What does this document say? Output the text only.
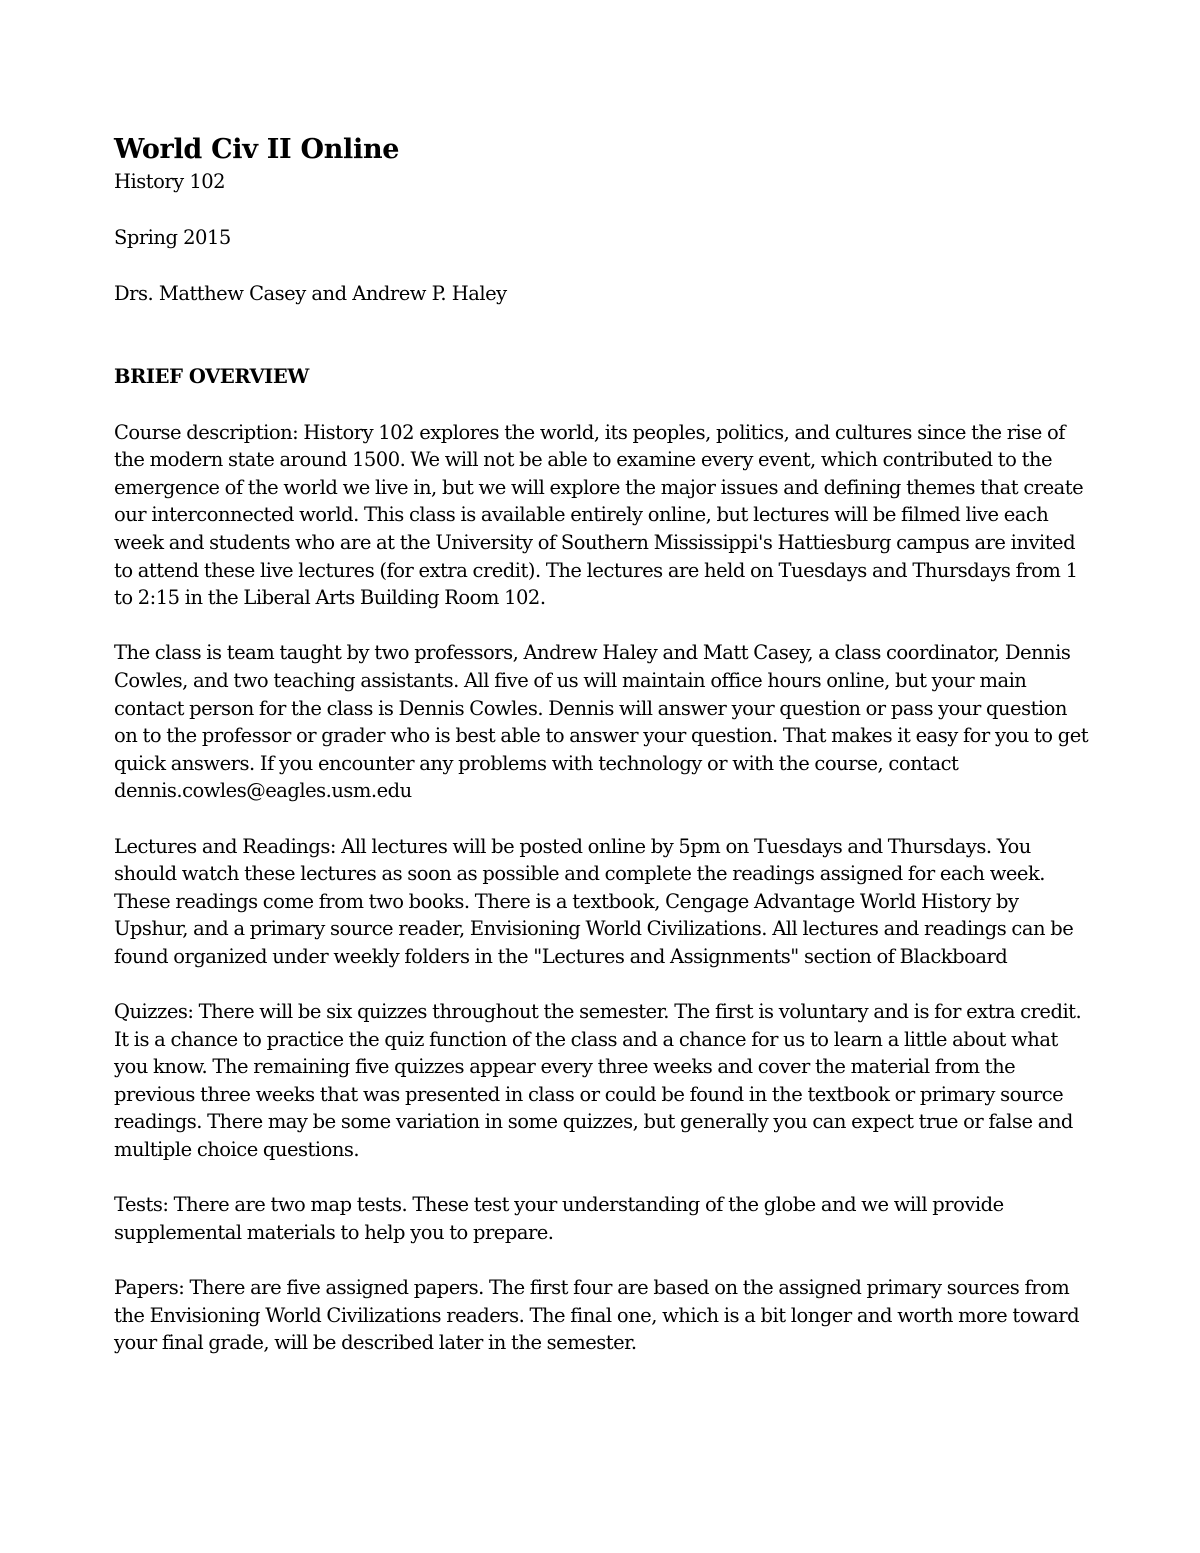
World Civ II Online

History 102

Spring 2015

Drs. Matthew Casey and Andrew P. Haley

BRIEF OVERVIEW

Course description: History 102 explores the world, its peoples, politics, and cultures since the rise of the modern state around 1500. We will not be able to examine every event, which contributed to the emergence of the world we live in, but we will explore the major issues and defining themes that create our interconnected world. This class is available entirely online, but lectures will be filmed live each week and students who are at the University of Southern Mississippi's Hattiesburg campus are invited to attend these live lectures (for extra credit). The lectures are held on Tuesdays and Thursdays from 1 to 2:15 in the Liberal Arts Building Room 102.

The class is team taught by two professors, Andrew Haley and Matt Casey, a class coordinator, Dennis Cowles, and two teaching assistants. All five of us will maintain office hours online, but your main contact person for the class is Dennis Cowles. Dennis will answer your question or pass your question on to the professor or grader who is best able to answer your question. That makes it easy for you to get quick answers. If you encounter any problems with technology or with the course, contact dennis.cowles@eagles.usm.edu

Lectures and Readings: All lectures will be posted online by 5pm on Tuesdays and Thursdays. You should watch these lectures as soon as possible and complete the readings assigned for each week. These readings come from two books. There is a textbook, Cengage Advantage World History by Upshur, and a primary source reader, Envisioning World Civilizations. All lectures and readings can be found organized under weekly folders in the "Lectures and Assignments" section of Blackboard

Quizzes: There will be six quizzes throughout the semester. The first is voluntary and is for extra credit. It is a chance to practice the quiz function of the class and a chance for us to learn a little about what you know. The remaining five quizzes appear every three weeks and cover the material from the previous three weeks that was presented in class or could be found in the textbook or primary source readings. There may be some variation in some quizzes, but generally you can expect true or false and multiple choice questions.

Tests: There are two map tests. These test your understanding of the globe and we will provide supplemental materials to help you to prepare.

Papers: There are five assigned papers. The first four are based on the assigned primary sources from the Envisioning World Civilizations readers. The final one, which is a bit longer and worth more toward your final grade, will be described later in the semester.
